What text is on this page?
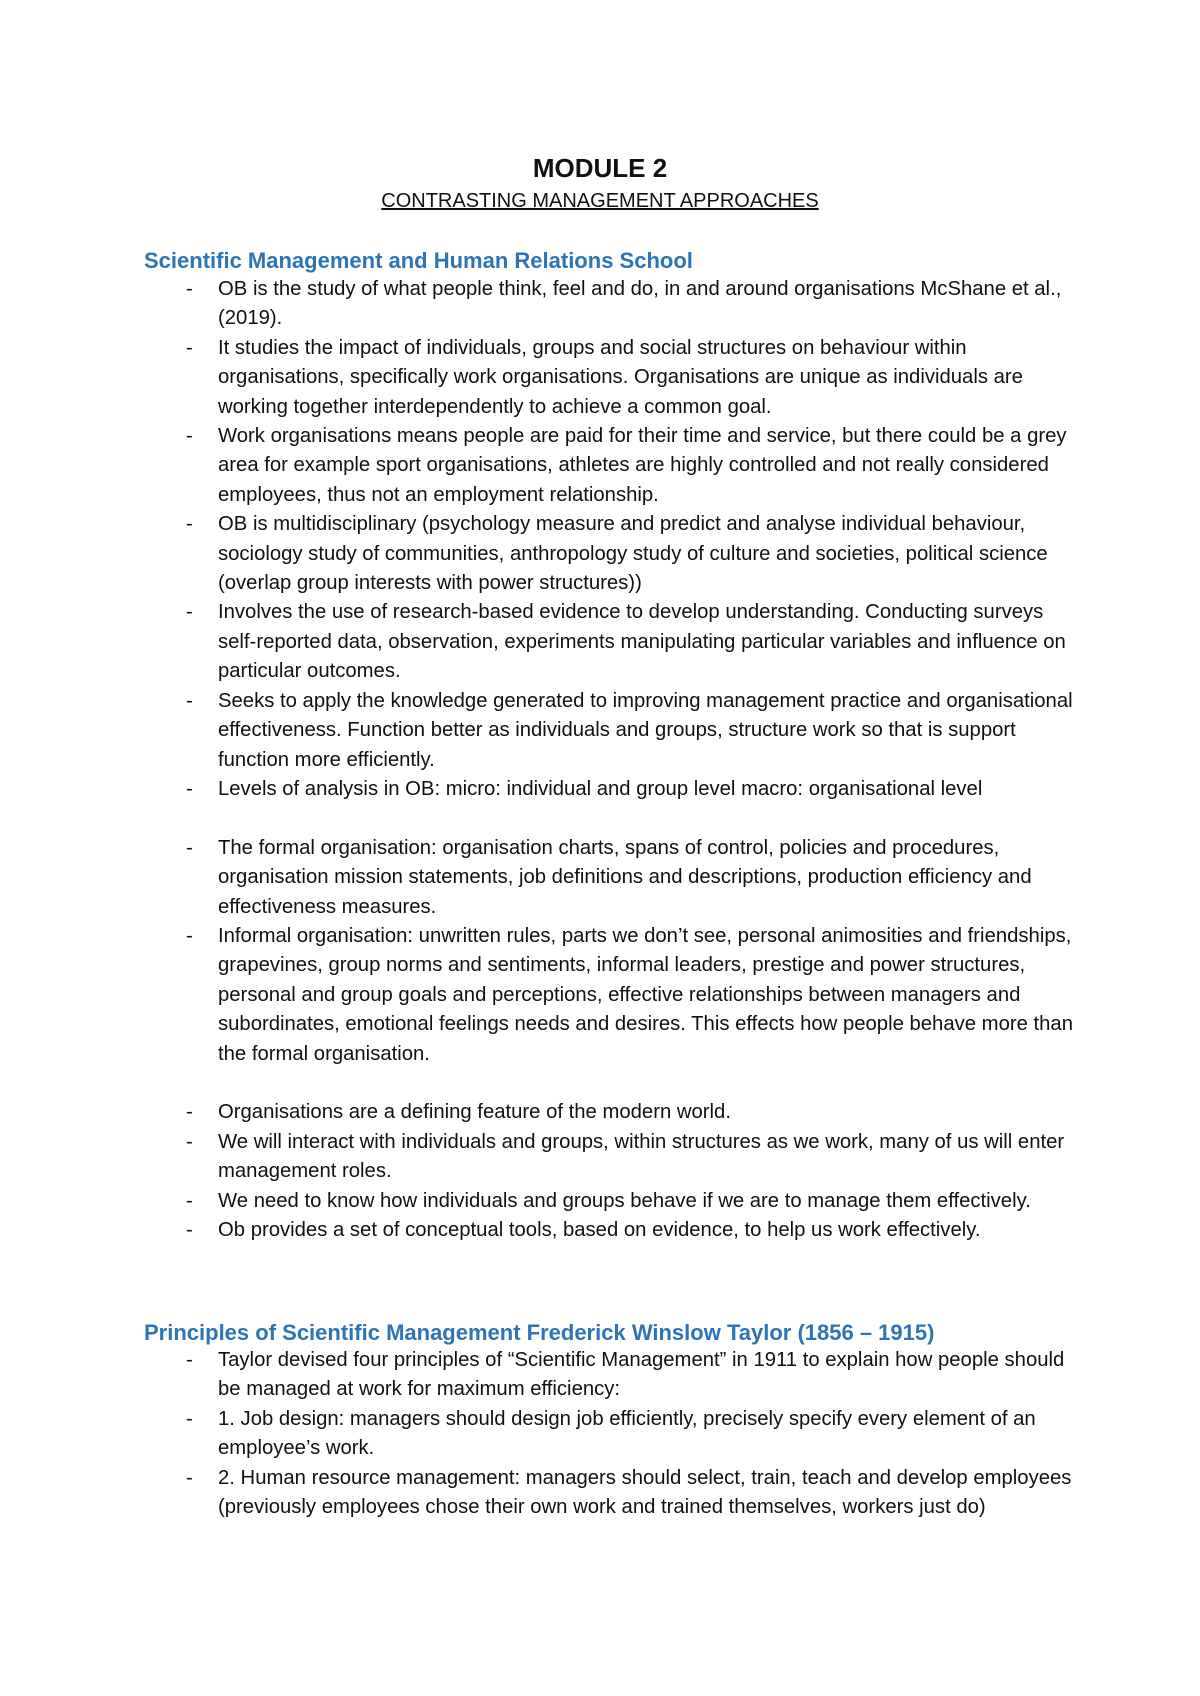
MODULE 2
CONTRASTING MANAGEMENT APPROACHES
Scientific Management and Human Relations School
- OB is the study of what people think, feel and do, in and around organisations McShane et al., (2019).
- It studies the impact of individuals, groups and social structures on behaviour within organisations, specifically work organisations. Organisations are unique as individuals are working together interdependently to achieve a common goal.
- Work organisations means people are paid for their time and service, but there could be a grey area for example sport organisations, athletes are highly controlled and not really considered employees, thus not an employment relationship.
- OB is multidisciplinary (psychology measure and predict and analyse individual behaviour, sociology study of communities, anthropology study of culture and societies, political science (overlap group interests with power structures))
- Involves the use of research-based evidence to develop understanding. Conducting surveys self-reported data, observation, experiments manipulating particular variables and influence on particular outcomes.
- Seeks to apply the knowledge generated to improving management practice and organisational effectiveness. Function better as individuals and groups, structure work so that is support function more efficiently.
- Levels of analysis in OB: micro: individual and group level macro: organisational level
- The formal organisation: organisation charts, spans of control, policies and procedures, organisation mission statements, job definitions and descriptions, production efficiency and effectiveness measures.
- Informal organisation: unwritten rules, parts we don’t see, personal animosities and friendships, grapevines, group norms and sentiments, informal leaders, prestige and power structures, personal and group goals and perceptions, effective relationships between managers and subordinates, emotional feelings needs and desires. This effects how people behave more than the formal organisation.
- Organisations are a defining feature of the modern world.
- We will interact with individuals and groups, within structures as we work, many of us will enter management roles.
- We need to know how individuals and groups behave if we are to manage them effectively.
- Ob provides a set of conceptual tools, based on evidence, to help us work effectively.
Principles of Scientific Management Frederick Winslow Taylor (1856 – 1915)
- Taylor devised four principles of “Scientific Management” in 1911 to explain how people should be managed at work for maximum efficiency:
- 1. Job design: managers should design job efficiently, precisely specify every element of an employee’s work.
- 2. Human resource management: managers should select, train, teach and develop employees (previously employees chose their own work and trained themselves, workers just do)
